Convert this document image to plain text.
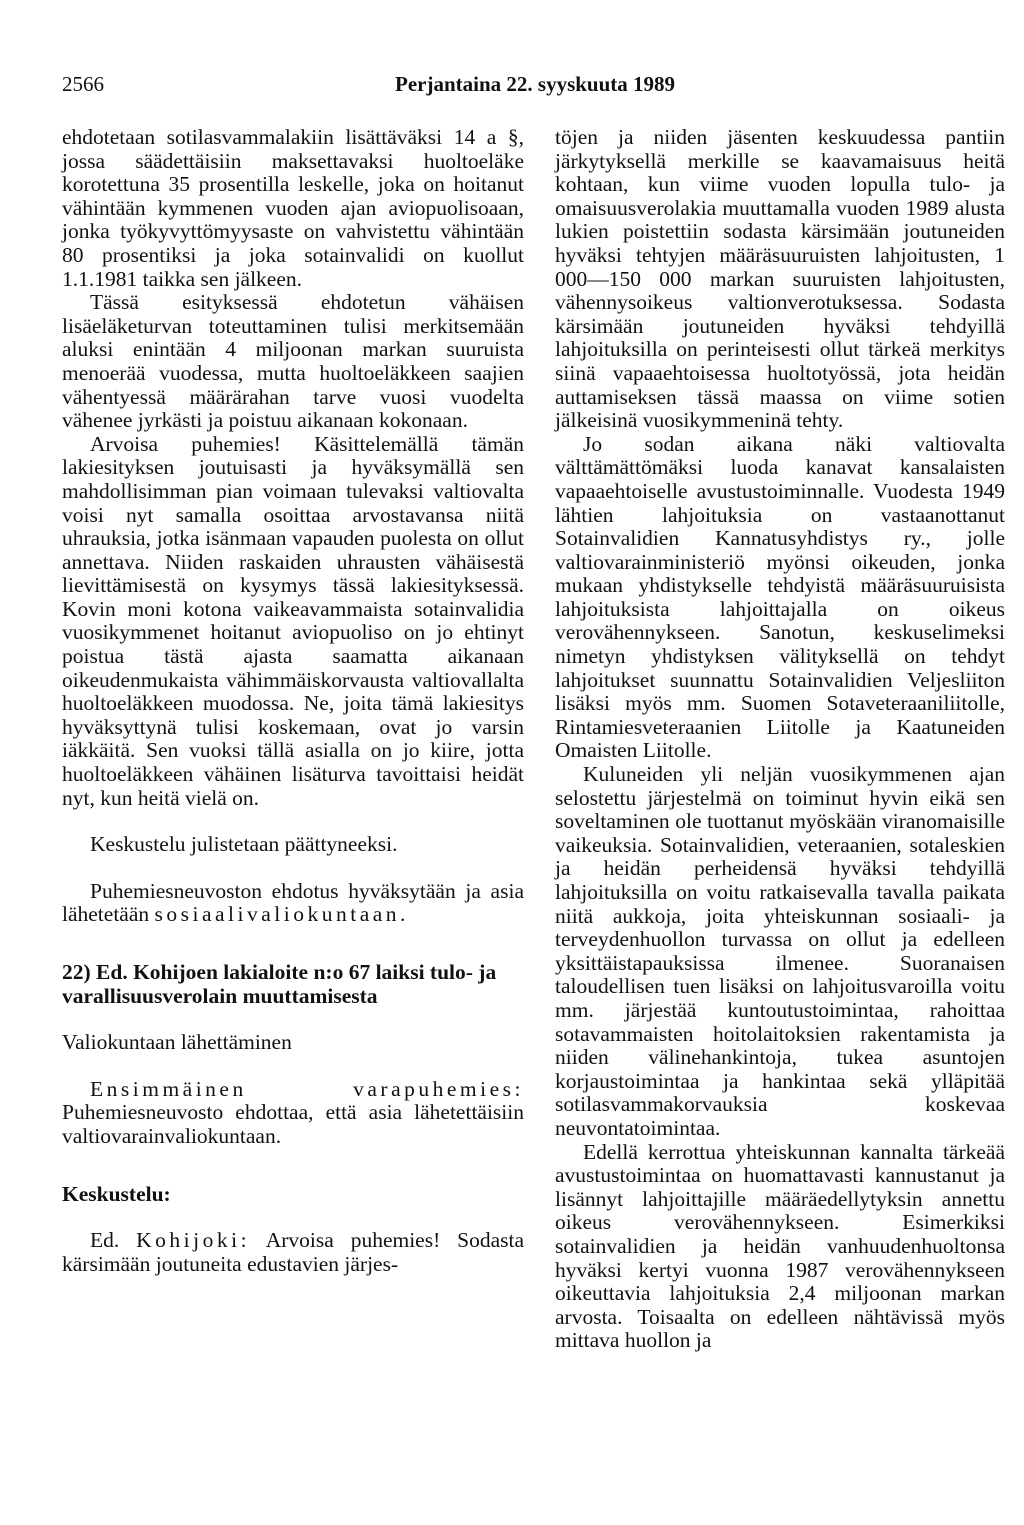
2566	Perjantaina 22. syyskuuta 1989

ehdotetaan sotilasvammalakiin lisättäväksi 14 a §, jossa säädettäisiin maksettavaksi huoltoeläke korotettuna 35 prosentilla leskelle, joka on hoitanut vähintään kymmenen vuoden ajan aviopuolisoaan, jonka työkyvyttömyysaste on vahvistettu vähintään 80 prosentiksi ja joka sotainvalidi on kuollut 1.1.1981 taikka sen jälkeen.

Tässä esityksessä ehdotetun vähäisen lisäeläketurvan toteuttaminen tulisi merkitsemään aluksi enintään 4 miljoonan markan suuruista menoerää vuodessa, mutta huoltoeläkkeen saajien vähentyessä määrärahan tarve vuosi vuodelta vähenee jyrkästi ja poistuu aikanaan kokonaan.

Arvoisa puhemies! Käsittelemällä tämän lakiesityksen joutuisasti ja hyväksymällä sen mahdollisimman pian voimaan tulevaksi valtiovalta voisi nyt samalla osoittaa arvostavansa niitä uhrauksia, jotka isänmaan vapauden puolesta on ollut annettava. Niiden raskaiden uhrausten vähäisestä lievittämisestä on kysymys tässä lakiesityksessä. Kovin moni kotona vaikeavammaista sotainvalidia vuosikymmenet hoitanut aviopuoliso on jo ehtinyt poistua tästä ajasta saamatta aikanaan oikeudenmukaista vähimmäiskorvausta valtiovallalta huoltoeläkkeen muodossa. Ne, joita tämä lakiesitys hyväksyttynä tulisi koskemaan, ovat jo varsin iäkkäitä. Sen vuoksi tällä asialla on jo kiire, jotta huoltoeläkkeen vähäinen lisäturva tavoittaisi heidät nyt, kun heitä vielä on.

Keskustelu julistetaan päättyneeksi.

Puhemiesneuvoston ehdotus hyväksytään ja asia lähetetään sosiaalivaliokuntaan.

22) Ed. Kohijoen lakialoite n:o 67 laiksi tulo- ja varallisuusverolain muuttamisesta

Valiokuntaan lähettäminen

Ensimmäinen varapuhemies: Puhemiesneuvosto ehdottaa, että asia lähetettäisiin valtiovarainvaliokuntaan.

Keskustelu:

Ed. Kohijoki: Arvoisa puhemies! Sodasta kärsimään joutuneita edustavien järjes-

töjen ja niiden jäsenten keskuudessa pantiin järkytyksellä merkille se kaavamaisuus heitä kohtaan, kun viime vuoden lopulla tulo- ja omaisuusverolakia muuttamalla vuoden 1989 alusta lukien poistettiin sodasta kärsimään joutuneiden hyväksi tehtyjen määräsuuruisten lahjoitusten, 1 000—150 000 markan suuruisten lahjoitusten, vähennysoikeus valtionverotuksessa. Sodasta kärsimään joutuneiden hyväksi tehdyillä lahjoituksilla on perinteisesti ollut tärkeä merkitys siinä vapaaehtoisessa huoltotyössä, jota heidän auttamiseksen tässä maassa on viime sotien jälkeisinä vuosikymmeninä tehty.

Jo sodan aikana näki valtiovalta välttämättömäksi luoda kanavat kansalaisten vapaaehtoiselle avustustoiminnalle. Vuodesta 1949 lähtien lahjoituksia on vastaanottanut Sotainvalidien Kannatusyhdistys ry., jolle valtiovarainministeriö myönsi oikeuden, jonka mukaan yhdistykselle tehdyistä määräsuuruisista lahjoituksista lahjoittajalla on oikeus verovähennykseen. Sanotun, keskuselimeksi nimetyn yhdistyksen välityksellä on tehdyt lahjoitukset suunnattu Sotainvalidien Veljesliiton lisäksi myös mm. Suomen Sotaveteraaniliitolle, Rintamiesveteraanien Liitolle ja Kaatuneiden Omaisten Liitolle.

Kuluneiden yli neljän vuosikymmenen ajan selostettu järjestelmä on toiminut hyvin eikä sen soveltaminen ole tuottanut myöskään viranomaisille vaikeuksia. Sotainvalidien, veteraanien, sotaleskien ja heidän perheidensä hyväksi tehdyillä lahjoituksilla on voitu ratkaisevalla tavalla paikata niitä aukkoja, joita yhteiskunnan sosiaali- ja terveydenhuollon turvassa on ollut ja edelleen yksittäistapauksissa ilmenee. Suoranaisen taloudellisen tuen lisäksi on lahjoitusvaroilla voitu mm. järjestää kuntoutustoimintaa, rahoittaa sotavammaisten hoitolaitoksien rakentamista ja niiden välinehankintoja, tukea asuntojen korjaustoimintaa ja hankintaa sekä ylläpitää sotilasvammakorvauksia koskevaa neuvontatoimintaa.

Edellä kerrottua yhteiskunnan kannalta tärkeää avustustoimintaa on huomattavasti kannustanut ja lisännyt lahjoittajille määräedellytyksin annettu oikeus verovähennykseen. Esimerkiksi sotainvalidien ja heidän vanhuudenhuoltonsa hyväksi kertyi vuonna 1987 verovähennykseen oikeuttavia lahjoituksia 2,4 miljoonan markan arvosta. Toisaalta on edelleen nähtävissä myös mittava huollon ja
